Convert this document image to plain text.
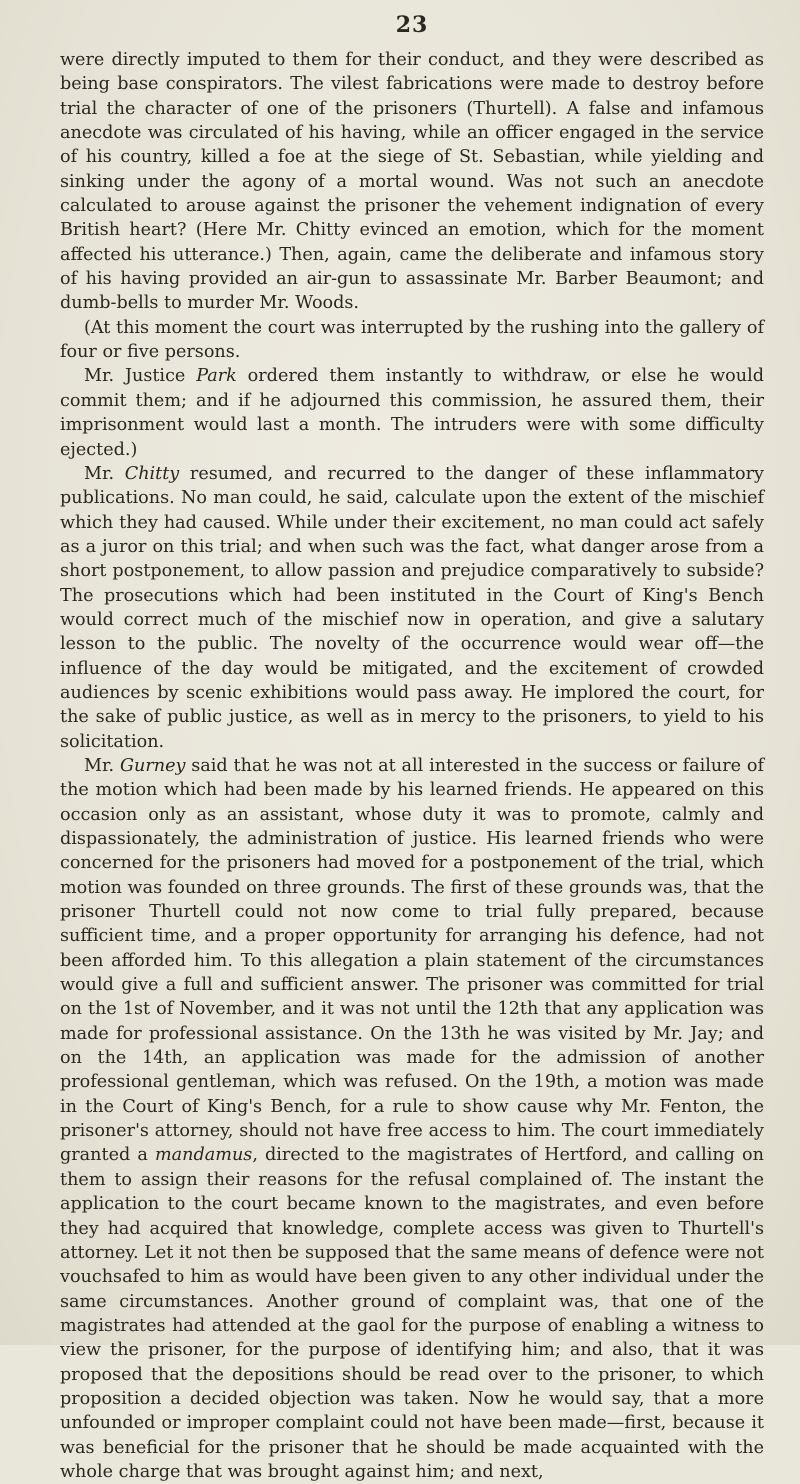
23

were directly imputed to them for their conduct, and they were described as being base conspirators. The vilest fabrications were made to destroy before trial the character of one of the prisoners (Thurtell). A false and infamous anecdote was circulated of his having, while an officer engaged in the service of his country, killed a foe at the siege of St. Sebastian, while yielding and sinking under the agony of a mortal wound. Was not such an anecdote calculated to arouse against the prisoner the vehement indignation of every British heart? (Here Mr. Chitty evinced an emotion, which for the moment affected his utterance.) Then, again, came the deliberate and infamous story of his having provided an air-gun to assassinate Mr. Barber Beaumont; and dumb-bells to murder Mr. Woods.

(At this moment the court was interrupted by the rushing into the gallery of four or five persons.

Mr. Justice Park ordered them instantly to withdraw, or else he would commit them; and if he adjourned this commission, he assured them, their imprisonment would last a month. The intruders were with some difficulty ejected.)

Mr. Chitty resumed, and recurred to the danger of these inflammatory publications. No man could, he said, calculate upon the extent of the mischief which they had caused. While under their excitement, no man could act safely as a juror on this trial; and when such was the fact, what danger arose from a short postponement, to allow passion and prejudice comparatively to subside? The prosecutions which had been instituted in the Court of King's Bench would correct much of the mischief now in operation, and give a salutary lesson to the public. The novelty of the occurrence would wear off—the influence of the day would be mitigated, and the excitement of crowded audiences by scenic exhibitions would pass away. He implored the court, for the sake of public justice, as well as in mercy to the prisoners, to yield to his solicitation.

Mr. Gurney said that he was not at all interested in the success or failure of the motion which had been made by his learned friends. He appeared on this occasion only as an assistant, whose duty it was to promote, calmly and dispassionately, the administration of justice. His learned friends who were concerned for the prisoners had moved for a postponement of the trial, which motion was founded on three grounds. The first of these grounds was, that the prisoner Thurtell could not now come to trial fully prepared, because sufficient time, and a proper opportunity for arranging his defence, had not been afforded him. To this allegation a plain statement of the circumstances would give a full and sufficient answer. The prisoner was committed for trial on the 1st of November, and it was not until the 12th that any application was made for professional assistance. On the 13th he was visited by Mr. Jay; and on the 14th, an application was made for the admission of another professional gentleman, which was refused. On the 19th, a motion was made in the Court of King's Bench, for a rule to show cause why Mr. Fenton, the prisoner's attorney, should not have free access to him. The court immediately granted a mandamus, directed to the magistrates of Hertford, and calling on them to assign their reasons for the refusal complained of. The instant the application to the court became known to the magistrates, and even before they had acquired that knowledge, complete access was given to Thurtell's attorney. Let it not then be supposed that the same means of defence were not vouchsafed to him as would have been given to any other individual under the same circumstances. Another ground of complaint was, that one of the magistrates had attended at the gaol for the purpose of enabling a witness to view the prisoner, for the purpose of identifying him; and also, that it was proposed that the depositions should be read over to the prisoner, to which proposition a decided objection was taken. Now he would say, that a more unfounded or improper complaint could not have been made—first, because it was beneficial for the prisoner that he should be made acquainted with the whole charge that was brought against him; and next,
